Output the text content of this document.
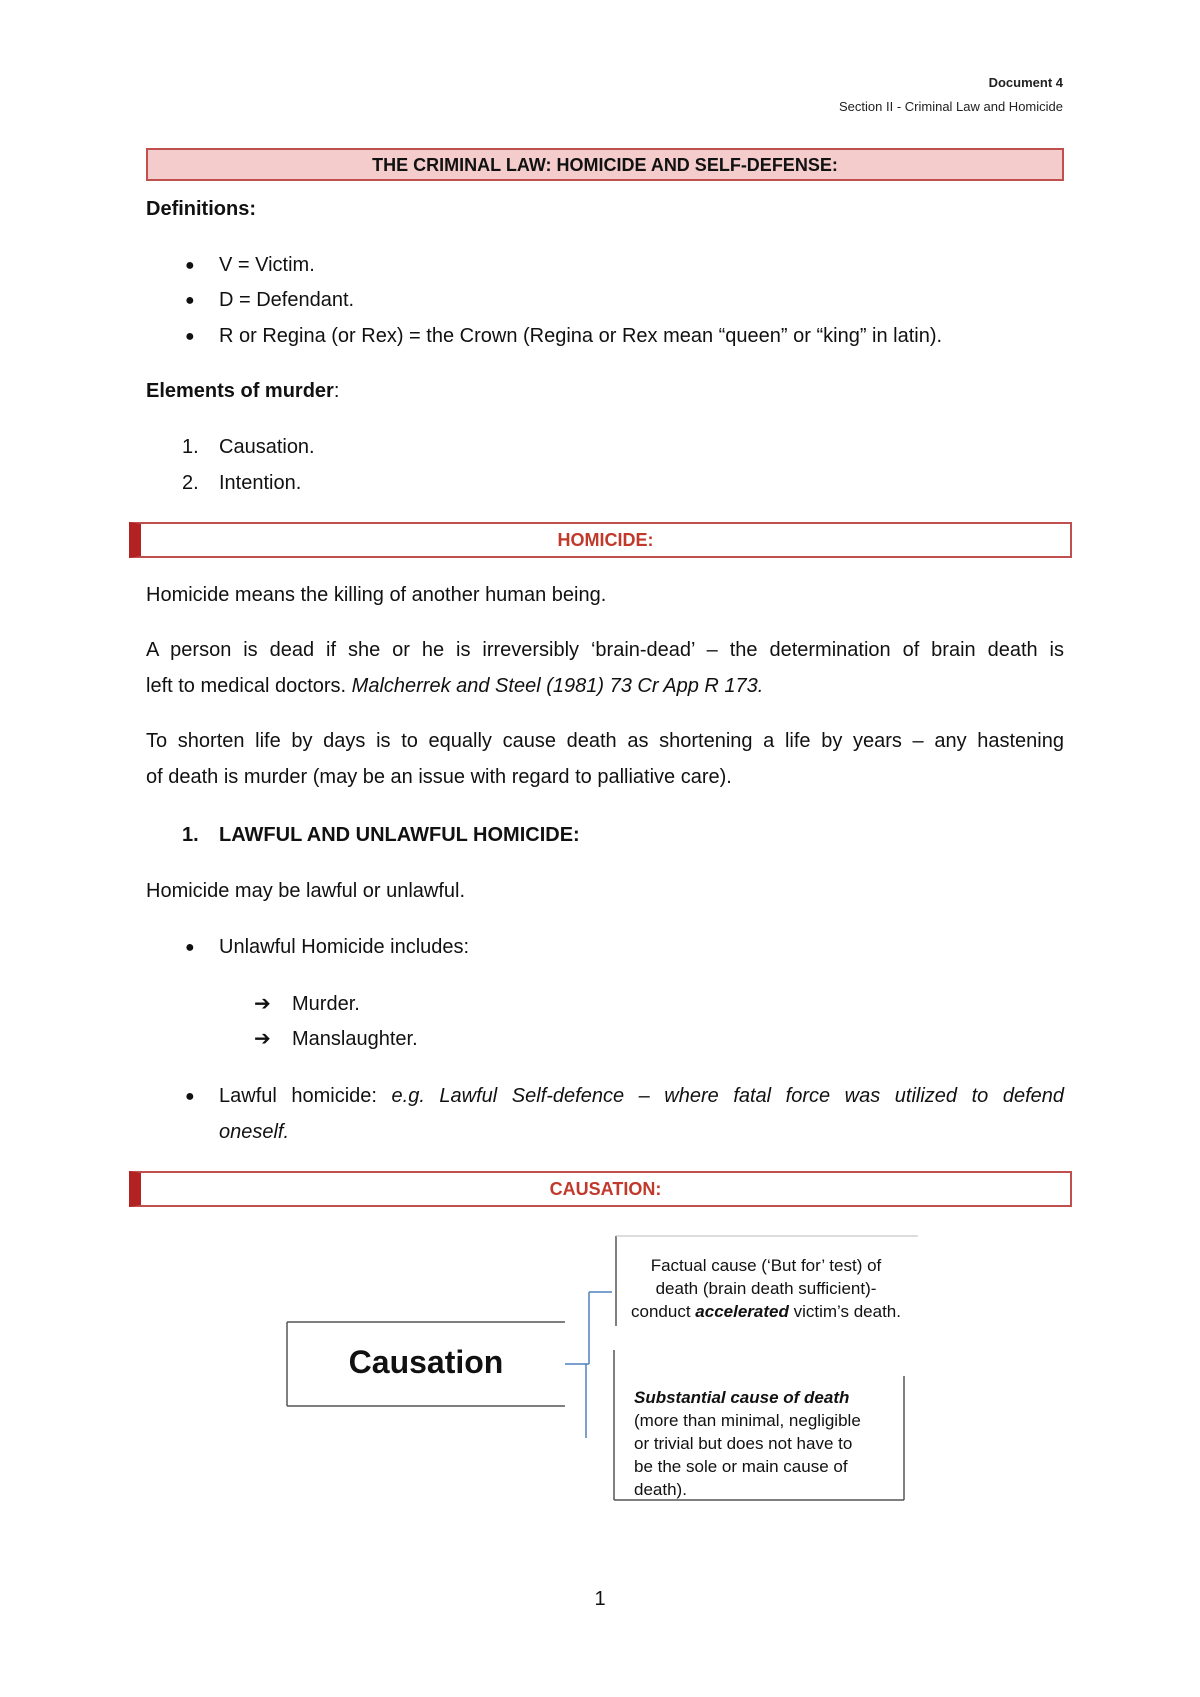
Document 4
Section II - Criminal Law and Homicide
THE CRIMINAL LAW: HOMICIDE AND SELF-DEFENSE:
Definitions:
● V = Victim.
● D = Defendant.
● R or Regina (or Rex) = the Crown (Regina or Rex mean “queen” or “king” in latin).
Elements of murder:
1. Causation.
2. Intention.
HOMICIDE:
Homicide means the killing of another human being.
A person is dead if she or he is irreversibly ‘brain-dead’ – the determination of brain death is
left to medical doctors. Malcherrek and Steel (1981) 73 Cr App R 173.
To shorten life by days is to equally cause death as shortening a life by years – any hastening
of death is murder (may be an issue with regard to palliative care).
1. LAWFUL AND UNLAWFUL HOMICIDE:
Homicide may be lawful or unlawful.
● Unlawful Homicide includes:
➔ Murder.
➔ Manslaughter.
● Lawful homicide: e.g. Lawful Self-defence – where fatal force was utilized to defend
oneself.
CAUSATION:
Causation
Factual cause (‘But for’ test) of
death (brain death sufficient)-
conduct accelerated victim’s death.
Substantial cause of death
(more than minimal, negligible
or trivial but does not have to
be the sole or main cause of
death).
1
